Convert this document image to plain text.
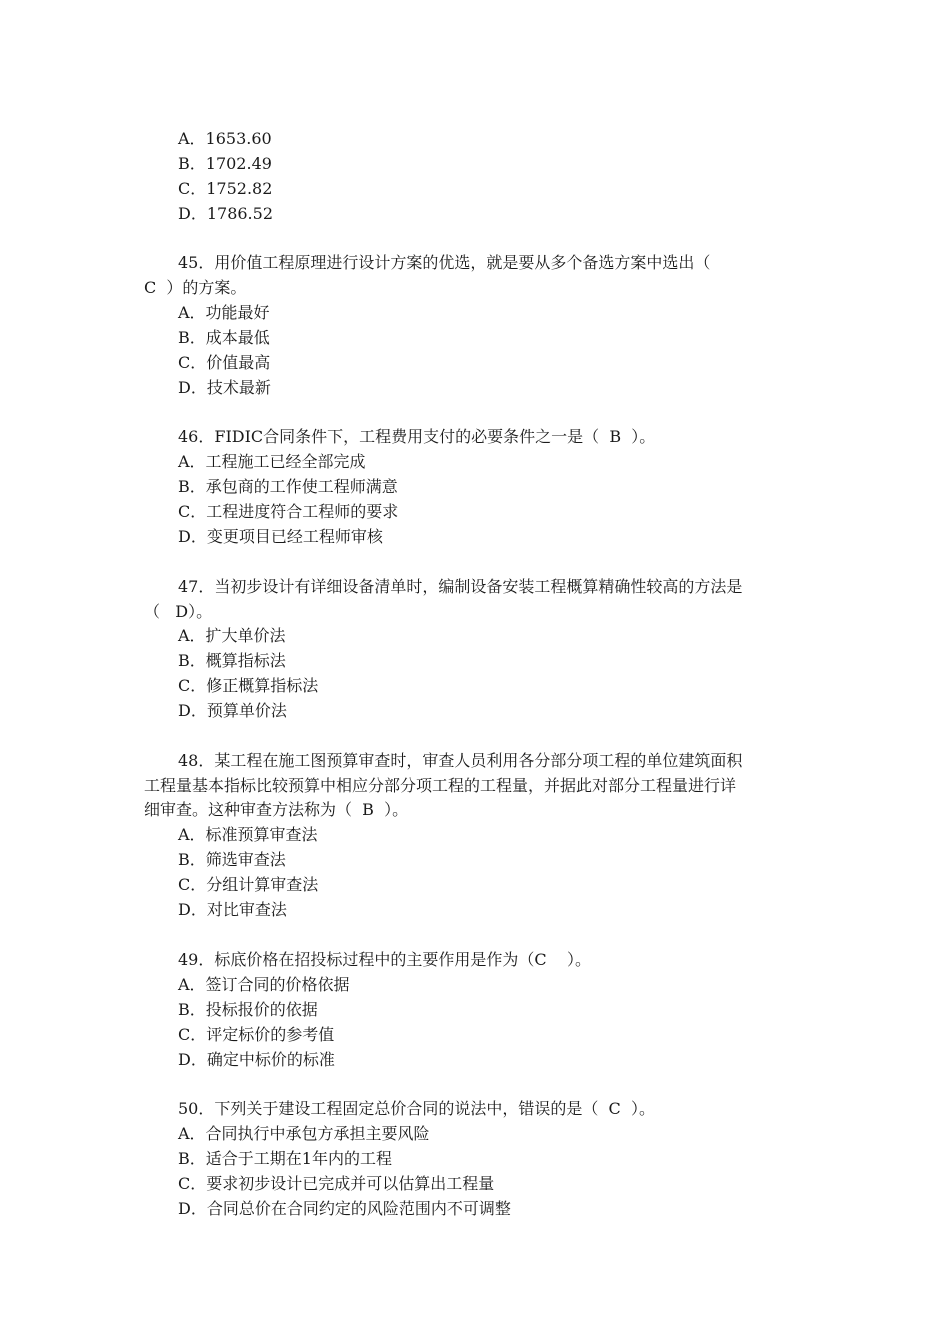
A．1653.60
B．1702.49
C．1752.82
D．1786.52
45．用价值工程原理进行设计方案的优选，就是要从多个备选方案中选出（
C  ）的方案。
A．功能最好
B．成本最低
C．价值最高
D．技术最新
46．FIDIC合同条件下，工程费用支付的必要条件之一是（  B  ）。
A．工程施工已经全部完成
B．承包商的工作使工程师满意
C．工程进度符合工程师的要求
D．变更项目已经工程师审核
47．当初步设计有详细设备清单时，编制设备安装工程概算精确性较高的方法是
（   D）。
A．扩大单价法
B．概算指标法
C．修正概算指标法
D．预算单价法
48．某工程在施工图预算审查时，审查人员利用各分部分项工程的单位建筑面积
工程量基本指标比较预算中相应分部分项工程的工程量，并据此对部分工程量进行详
细审查。这种审查方法称为（  B  ）。
A．标准预算审查法
B．筛选审查法
C．分组计算审查法
D．对比审查法
49．标底价格在招投标过程中的主要作用是作为（C    ）。
A．签订合同的价格依据
B．投标报价的依据
C．评定标价的参考值
D．确定中标价的标准
50．下列关于建设工程固定总价合同的说法中，错误的是（  C  ）。
A．合同执行中承包方承担主要风险
B．适合于工期在1年内的工程
C．要求初步设计已完成并可以估算出工程量
D．合同总价在合同约定的风险范围内不可调整
